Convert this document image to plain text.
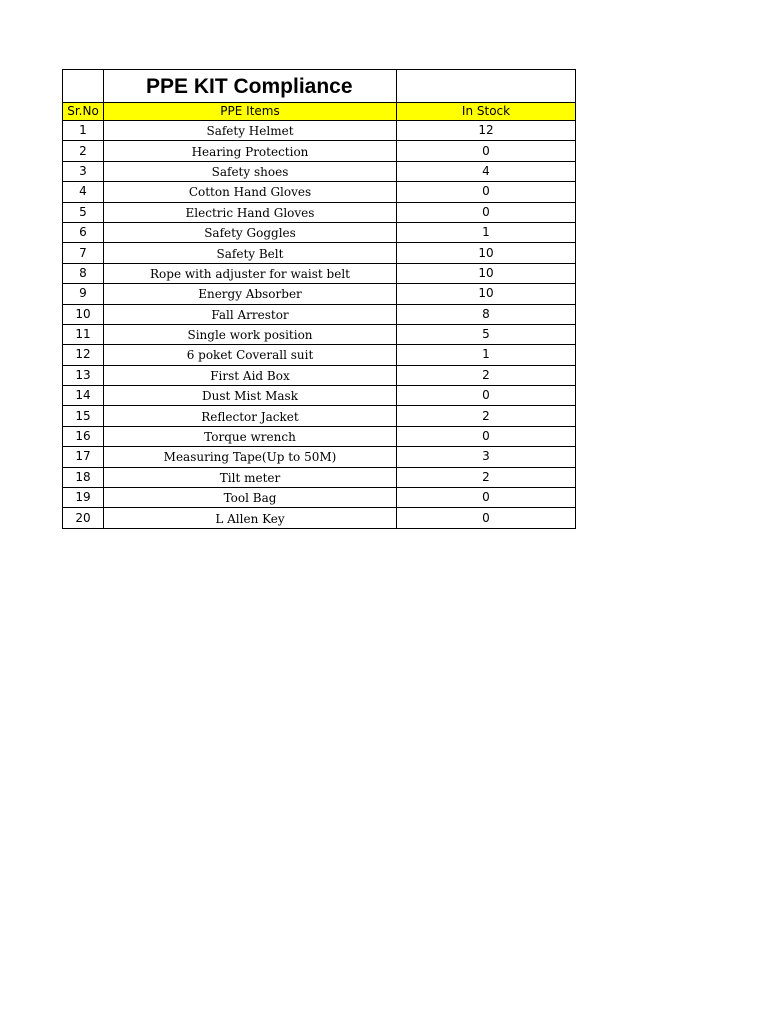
	PPE KIT Compliance	
Sr.No	PPE Items	In Stock
1	Safety Helmet	12
2	Hearing Protection	0
3	Safety shoes	4
4	Cotton Hand Gloves	0
5	Electric Hand Gloves	0
6	Safety Goggles	1
7	Safety Belt	10
8	Rope with adjuster for waist belt	10
9	Energy Absorber	10
10	Fall Arrestor	8
11	Single work position	5
12	6 poket Coverall suit	1
13	First Aid Box	2
14	Dust Mist Mask	0
15	Reflector Jacket	2
16	Torque wrench	0
17	Measuring Tape(Up to 50M)	3
18	Tilt meter	2
19	Tool Bag	0
20	L Allen Key	0
